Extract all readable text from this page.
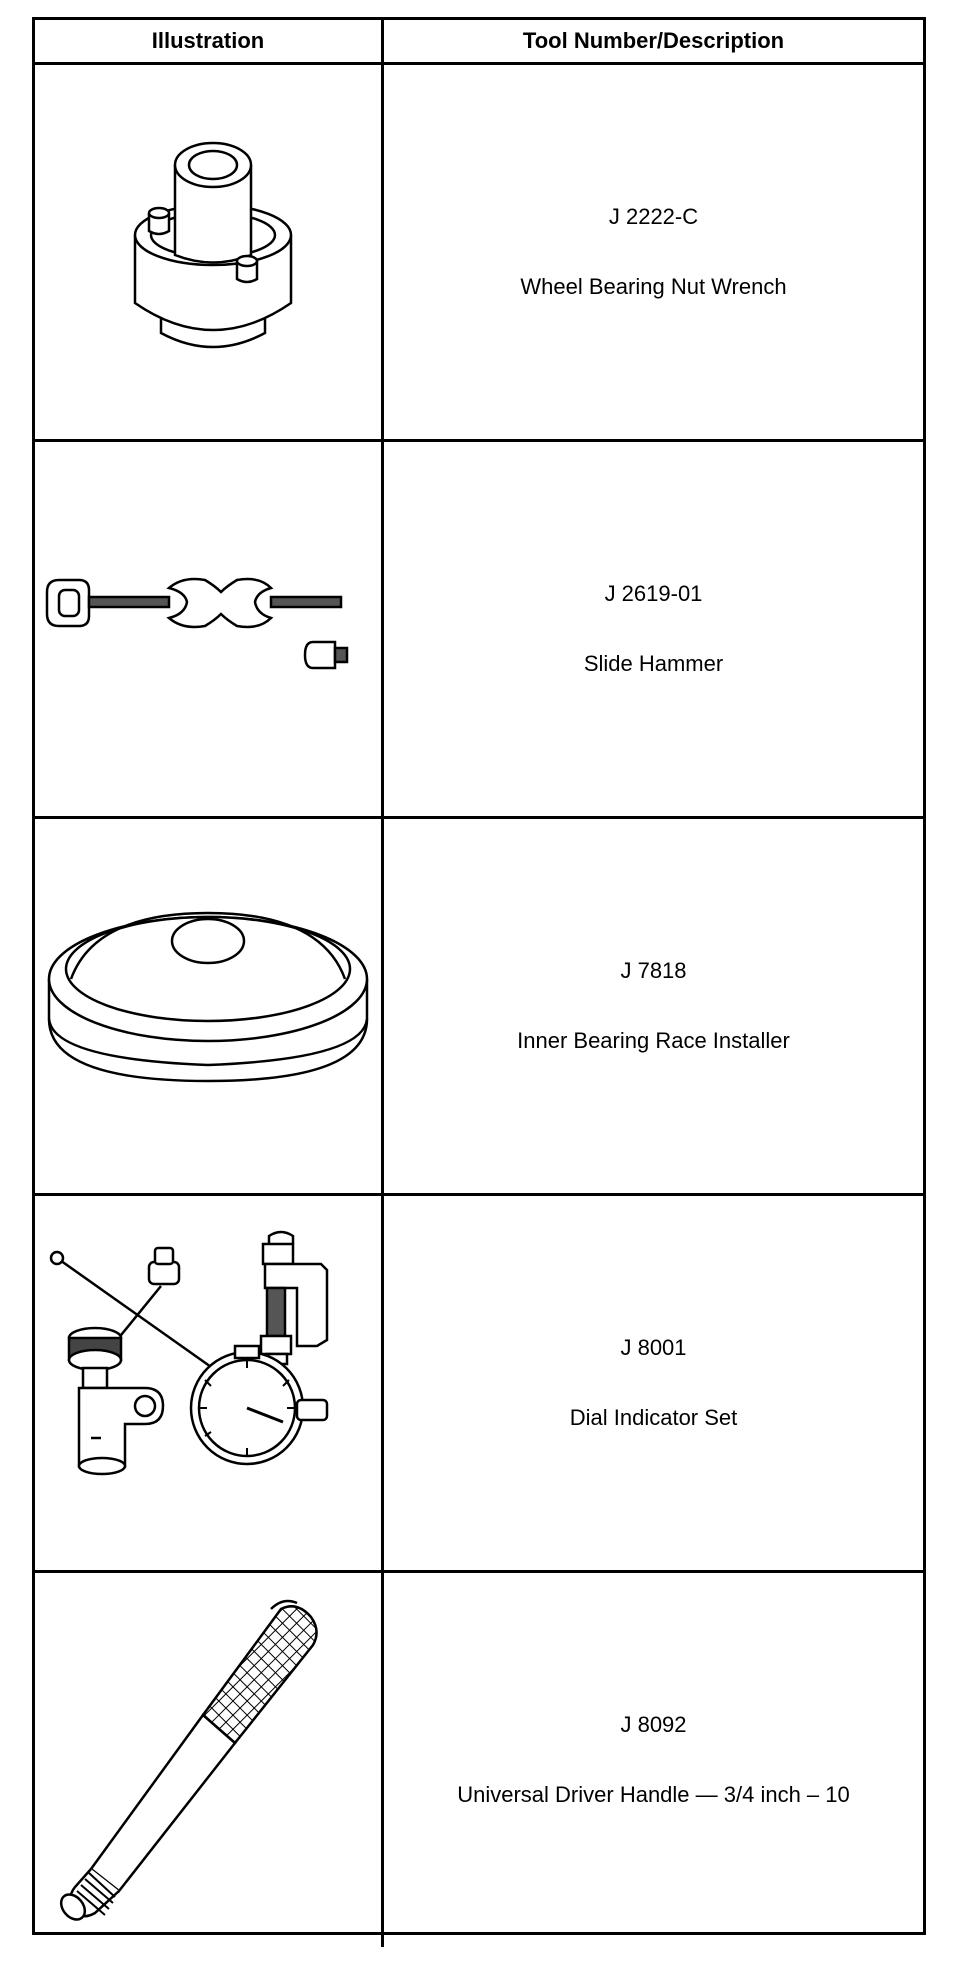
Illustration	Tool Number/Description
J 2222-C
Wheel Bearing Nut Wrench
J 2619-01
Slide Hammer
J 7818
Inner Bearing Race Installer
J 8001
Dial Indicator Set
J 8092
Universal Driver Handle — 3/4 inch – 10
